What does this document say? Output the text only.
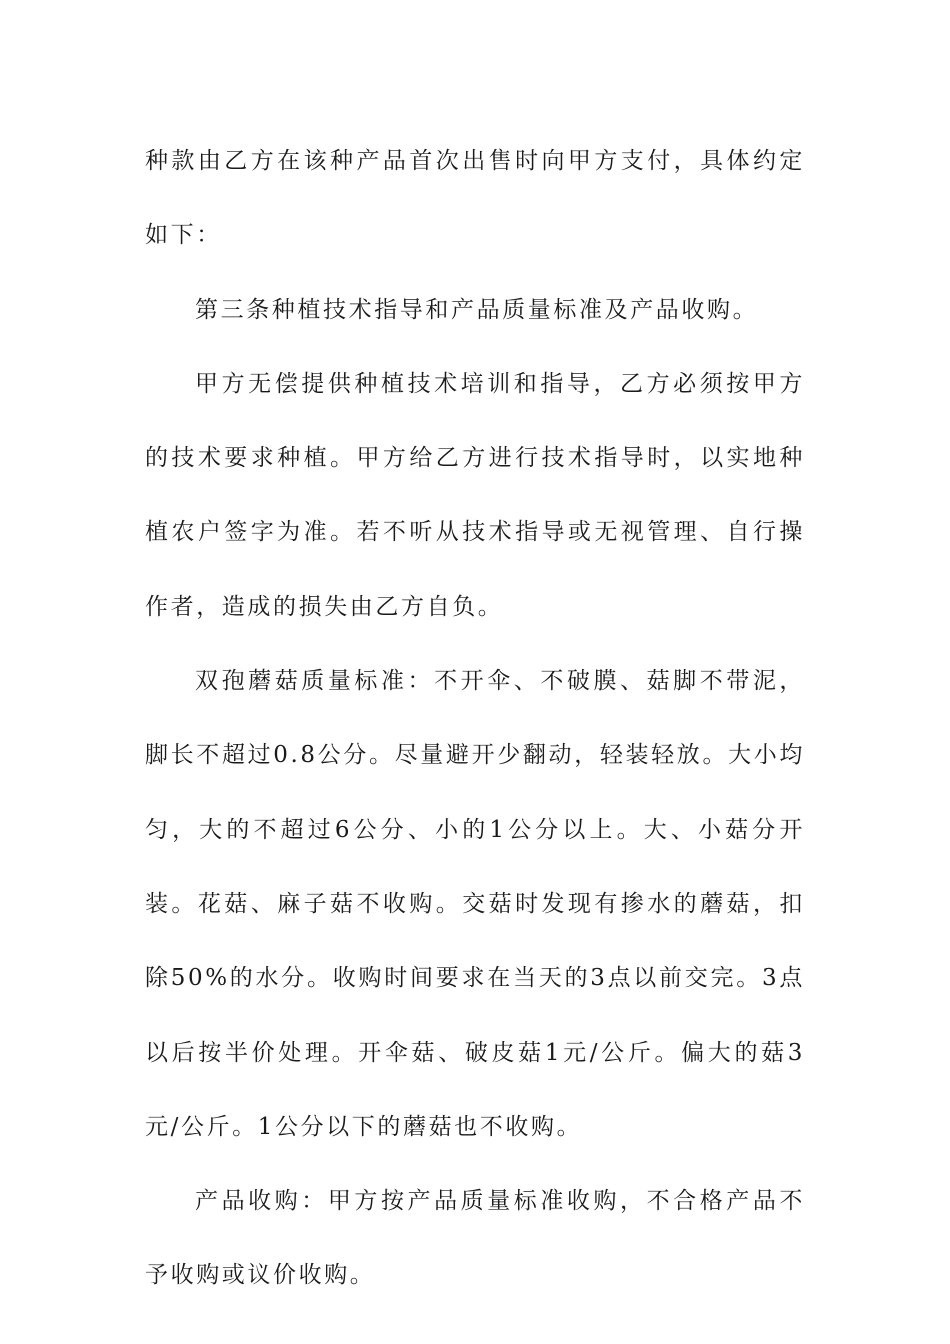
种款由乙方在该种产品首次出售时向甲方支付，具体约定如下：

第三条种植技术指导和产品质量标准及产品收购。

甲方无偿提供种植技术培训和指导，乙方必须按甲方的技术要求种植。甲方给乙方进行技术指导时，以实地种植农户签字为准。若不听从技术指导或无视管理、自行操作者，造成的损失由乙方自负。

双孢蘑菇质量标准：不开伞、不破膜、菇脚不带泥，脚长不超过0.8公分。尽量避开少翻动，轻装轻放。大小均匀，大的不超过6公分、小的1公分以上。大、小菇分开装。花菇、麻子菇不收购。交菇时发现有掺水的蘑菇，扣除50%的水分。收购时间要求在当天的3点以前交完。3点以后按半价处理。开伞菇、破皮菇1元/公斤。偏大的菇3元/公斤。1公分以下的蘑菇也不收购。

产品收购：甲方按产品质量标准收购，不合格产品不予收购或议价收购。
